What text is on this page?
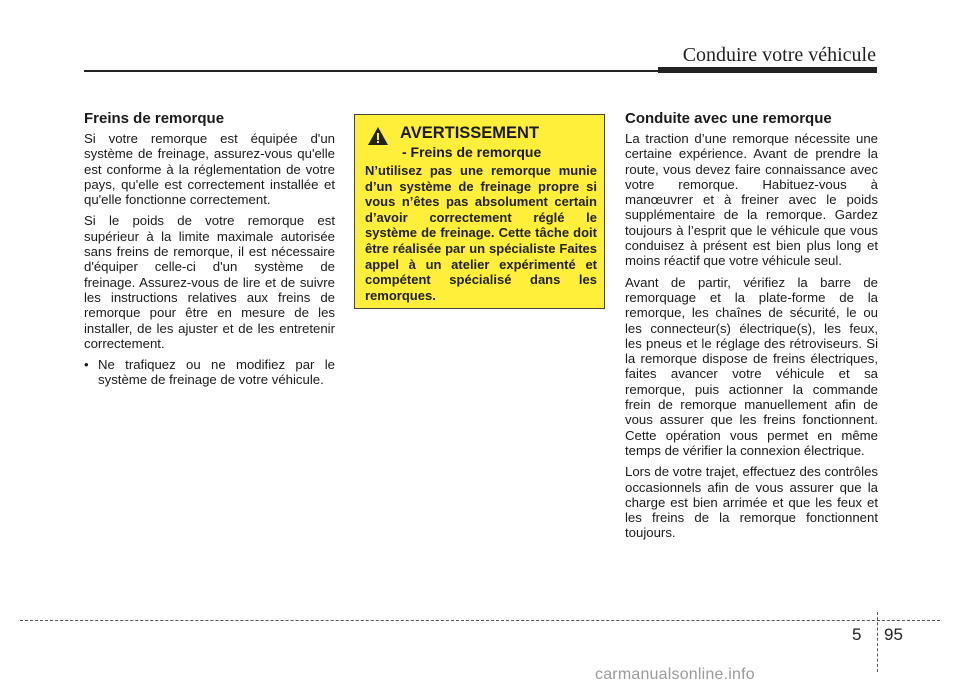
Conduire votre véhicule
Freins de remorque

Si votre remorque est équipée d'un système de freinage, assurez-vous qu'elle est conforme à la réglementation de votre pays, qu'elle est correctement installée et qu'elle fonctionne correctement.

Si le poids de votre remorque est supérieur à la limite maximale autorisée sans freins de remorque, il est nécessaire d'équiper celle-ci d'un système de freinage. Assurez-vous de lire et de suivre les instructions relatives aux freins de remorque pour être en mesure de les installer, de les ajuster et de les entretenir correctement.

• Ne trafiquez ou ne modifiez par le système de freinage de votre véhicule.
AVERTISSEMENT
- Freins de remorque
N’utilisez pas une remorque munie d’un système de freinage propre si vous n’êtes pas absolument certain d’avoir correctement réglé le système de freinage. Cette tâche doit être réalisée par un spécialiste Faites appel à un atelier expérimenté et compétent spécialisé dans les remorques.
Conduite avec une remorque

La traction d’une remorque nécessite une certaine expérience. Avant de prendre la route, vous devez faire connaissance avec votre remorque. Habituez-vous à manœuvrer et à freiner avec le poids supplémentaire de la remorque. Gardez toujours à l’esprit que le véhicule que vous conduisez à présent est bien plus long et moins réactif que votre véhicule seul.

Avant de partir, vérifiez la barre de remorquage et la plate-forme de la remorque, les chaînes de sécurité, le ou les connecteur(s) électrique(s), les feux, les pneus et le réglage des rétroviseurs. Si la remorque dispose de freins électriques, faites avancer votre véhicule et sa remorque, puis actionner la commande frein de remorque manuellement afin de vous assurer que les freins fonctionnent. Cette opération vous permet en même temps de vérifier la connexion électrique.

Lors de votre trajet, effectuez des contrôles occasionnels afin de vous assurer que la charge est bien arrimée et que les feux et les freins de la remorque fonctionnent toujours.

5 95
carmanualsonline.info
